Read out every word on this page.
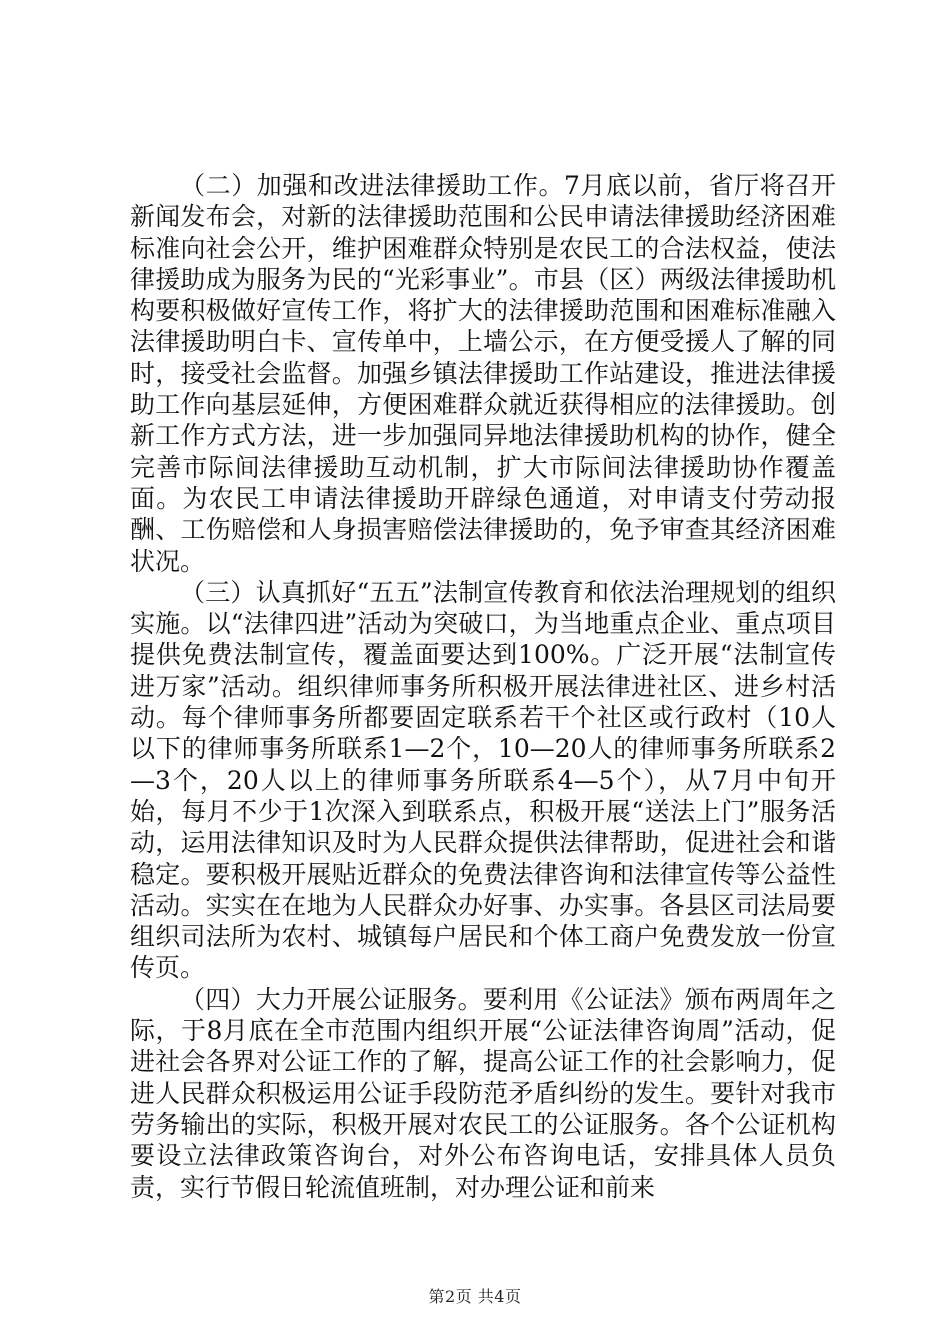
（二）加强和改进法律援助工作。7月底以前，省厅将召开新闻发布会，对新的法律援助范围和公民申请法律援助经济困难标准向社会公开，维护困难群众特别是农民工的合法权益，使法律援助成为服务为民的“光彩事业”。市县（区）两级法律援助机构要积极做好宣传工作，将扩大的法律援助范围和困难标准融入法律援助明白卡、宣传单中，上墙公示，在方便受援人了解的同时，接受社会监督。加强乡镇法律援助工作站建设，推进法律援助工作向基层延伸，方便困难群众就近获得相应的法律援助。创新工作方式方法，进一步加强同异地法律援助机构的协作，健全完善市际间法律援助互动机制，扩大市际间法律援助协作覆盖面。为农民工申请法律援助开辟绿色通道，对申请支付劳动报酬、工伤赔偿和人身损害赔偿法律援助的，免予审查其经济困难状况。

（三）认真抓好“五五”法制宣传教育和依法治理规划的组织实施。以“法律四进”活动为突破口，为当地重点企业、重点项目提供免费法制宣传，覆盖面要达到100%。广泛开展“法制宣传进万家”活动。组织律师事务所积极开展法律进社区、进乡村活动。每个律师事务所都要固定联系若干个社区或行政村（10人以下的律师事务所联系1—2个，10—20人的律师事务所联系2—3个，20人以上的律师事务所联系4—5个），从7月中旬开始，每月不少于1次深入到联系点，积极开展“送法上门”服务活动，运用法律知识及时为人民群众提供法律帮助，促进社会和谐稳定。要积极开展贴近群众的免费法律咨询和法律宣传等公益性活动。实实在在地为人民群众办好事、办实事。各县区司法局要组织司法所为农村、城镇每户居民和个体工商户免费发放一份宣传页。

（四）大力开展公证服务。要利用《公证法》颁布两周年之际，于8月底在全市范围内组织开展“公证法律咨询周”活动，促进社会各界对公证工作的了解，提高公证工作的社会影响力，促进人民群众积极运用公证手段防范矛盾纠纷的发生。要针对我市劳务输出的实际，积极开展对农民工的公证服务。各个公证机构要设立法律政策咨询台，对外公布咨询电话，安排具体人员负责，实行节假日轮流值班制，对办理公证和前来

第2页 共4页
